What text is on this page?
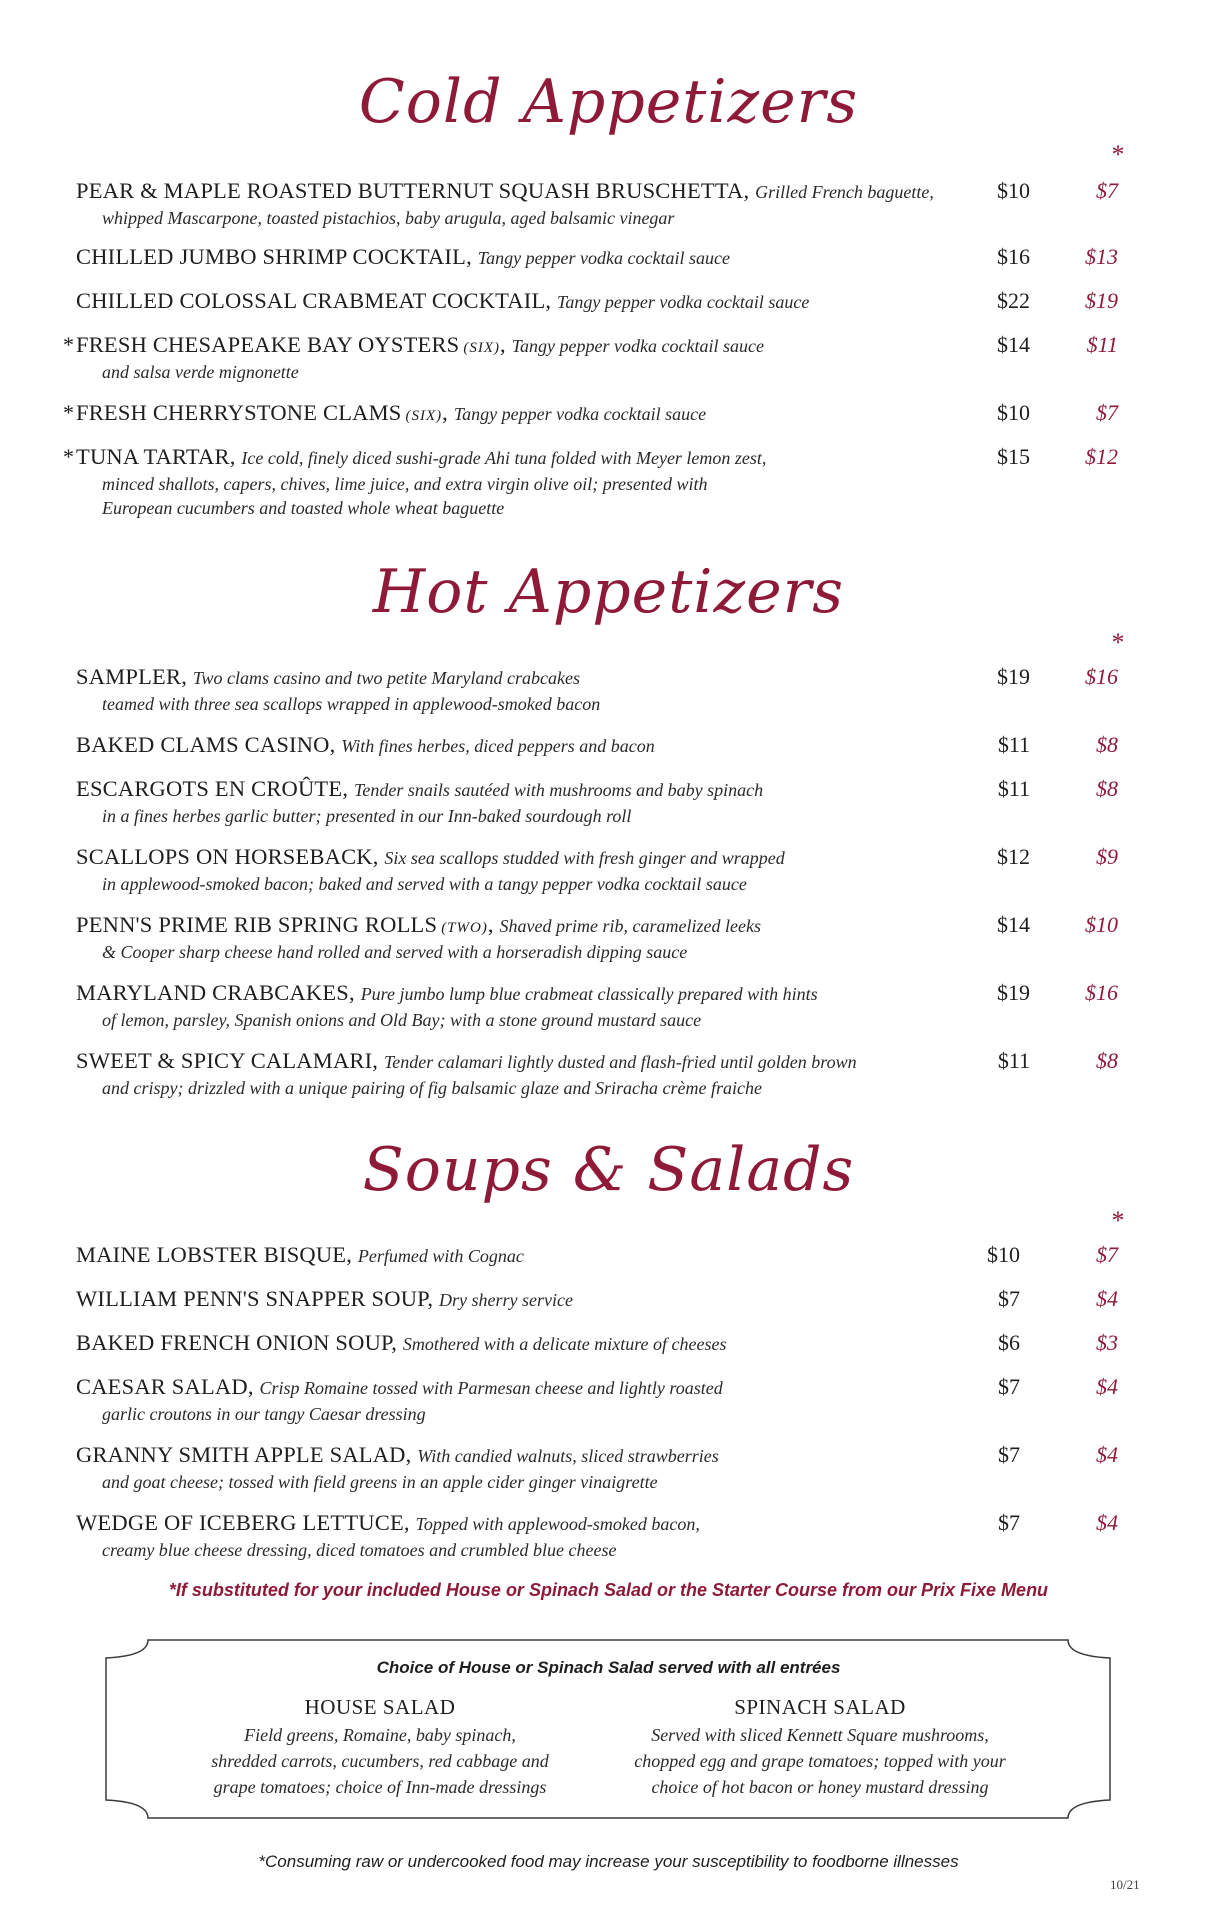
Cold Appetizers
*
PEAR & MAPLE ROASTED BUTTERNUT SQUASH BRUSCHETTA, Grilled French baguette,	$10	$7
whipped Mascarpone, toasted pistachios, baby arugula, aged balsamic vinegar
CHILLED JUMBO SHRIMP COCKTAIL, Tangy pepper vodka cocktail sauce	$16	$13
CHILLED COLOSSAL CRABMEAT COCKTAIL, Tangy pepper vodka cocktail sauce	$22	$19
* FRESH CHESAPEAKE BAY OYSTERS (SIX), Tangy pepper vodka cocktail sauce	$14	$11
and salsa verde mignonette
* FRESH CHERRYSTONE CLAMS (SIX), Tangy pepper vodka cocktail sauce	$10	$7
* TUNA TARTAR, Ice cold, finely diced sushi-grade Ahi tuna folded with Meyer lemon zest,	$15	$12
minced shallots, capers, chives, lime juice, and extra virgin olive oil; presented with
European cucumbers and toasted whole wheat baguette
Hot Appetizers
*
SAMPLER, Two clams casino and two petite Maryland crabcakes	$19	$16
teamed with three sea scallops wrapped in applewood-smoked bacon
BAKED CLAMS CASINO, With fines herbes, diced peppers and bacon	$11	$8
ESCARGOTS EN CROÛTE, Tender snails sautéed with mushrooms and baby spinach	$11	$8
in a fines herbes garlic butter; presented in our Inn-baked sourdough roll
SCALLOPS ON HORSEBACK, Six sea scallops studded with fresh ginger and wrapped	$12	$9
in applewood-smoked bacon; baked and served with a tangy pepper vodka cocktail sauce
PENN'S PRIME RIB SPRING ROLLS (TWO), Shaved prime rib, caramelized leeks	$14	$10
& Cooper sharp cheese hand rolled and served with a horseradish dipping sauce
MARYLAND CRABCAKES, Pure jumbo lump blue crabmeat classically prepared with hints	$19	$16
of lemon, parsley, Spanish onions and Old Bay; with a stone ground mustard sauce
SWEET & SPICY CALAMARI, Tender calamari lightly dusted and flash-fried until golden brown	$11	$8
and crispy; drizzled with a unique pairing of fig balsamic glaze and Sriracha crème fraiche
Soups & Salads
*
MAINE LOBSTER BISQUE, Perfumed with Cognac	$10	$7
WILLIAM PENN'S SNAPPER SOUP, Dry sherry service	$7	$4
BAKED FRENCH ONION SOUP, Smothered with a delicate mixture of cheeses	$6	$3
CAESAR SALAD, Crisp Romaine tossed with Parmesan cheese and lightly roasted	$7	$4
garlic croutons in our tangy Caesar dressing
GRANNY SMITH APPLE SALAD, With candied walnuts, sliced strawberries	$7	$4
and goat cheese; tossed with field greens in an apple cider ginger vinaigrette
WEDGE OF ICEBERG LETTUCE, Topped with applewood-smoked bacon,	$7	$4
creamy blue cheese dressing, diced tomatoes and crumbled blue cheese
*If substituted for your included House or Spinach Salad or the Starter Course from our Prix Fixe Menu
Choice of House or Spinach Salad served with all entrées
HOUSE SALAD
Field greens, Romaine, baby spinach,
shredded carrots, cucumbers, red cabbage and
grape tomatoes; choice of Inn-made dressings
SPINACH SALAD
Served with sliced Kennett Square mushrooms,
chopped egg and grape tomatoes; topped with your
choice of hot bacon or honey mustard dressing
*Consuming raw or undercooked food may increase your susceptibility to foodborne illnesses
10/21
